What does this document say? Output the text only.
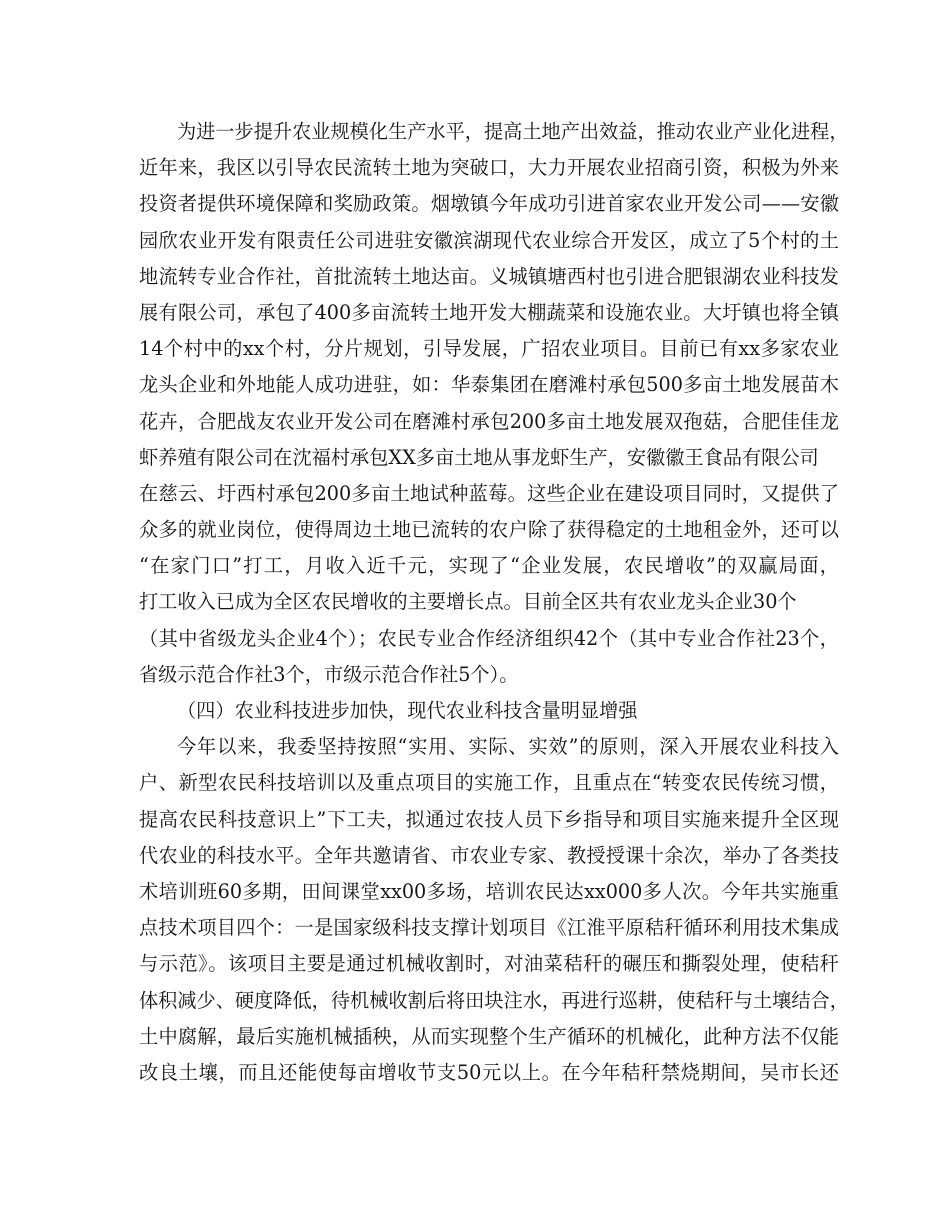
为进一步提升农业规模化生产水平，提高土地产出效益，推动农业产业化进程，
近年来，我区以引导农民流转土地为突破口，大力开展农业招商引资，积极为外来
投资者提供环境保障和奖励政策。烟墩镇今年成功引进首家农业开发公司——安徽
园欣农业开发有限责任公司进驻安徽滨湖现代农业综合开发区，成立了5个村的土
地流转专业合作社，首批流转土地达亩。义城镇塘西村也引进合肥银湖农业科技发
展有限公司，承包了400多亩流转土地开发大棚蔬菜和设施农业。大圩镇也将全镇
14个村中的xx个村，分片规划，引导发展，广招农业项目。目前已有xx多家农业
龙头企业和外地能人成功进驻，如：华泰集团在磨滩村承包500多亩土地发展苗木
花卉，合肥战友农业开发公司在磨滩村承包200多亩土地发展双孢菇，合肥佳佳龙
虾养殖有限公司在沈福村承包XX多亩土地从事龙虾生产，安徽徽王食品有限公司
在慈云、圩西村承包200多亩土地试种蓝莓。这些企业在建设项目同时，又提供了
众多的就业岗位，使得周边土地已流转的农户除了获得稳定的土地租金外，还可以
“在家门口”打工，月收入近千元，实现了“企业发展，农民增收”的双赢局面，
打工收入已成为全区农民增收的主要增长点。目前全区共有农业龙头企业30个
（其中省级龙头企业4个）；农民专业合作经济组织42个（其中专业合作社23个，
省级示范合作社3个，市级示范合作社5个）。
（四）农业科技进步加快，现代农业科技含量明显增强
今年以来，我委坚持按照“实用、实际、实效”的原则，深入开展农业科技入
户、新型农民科技培训以及重点项目的实施工作，且重点在“转变农民传统习惯，
提高农民科技意识上”下工夫，拟通过农技人员下乡指导和项目实施来提升全区现
代农业的科技水平。全年共邀请省、市农业专家、教授授课十余次，举办了各类技
术培训班60多期，田间课堂xx00多场，培训农民达xx000多人次。今年共实施重
点技术项目四个：一是国家级科技支撑计划项目《江淮平原秸秆循环利用技术集成
与示范》。该项目主要是通过机械收割时，对油菜秸秆的碾压和撕裂处理，使秸秆
体积减少、硬度降低，待机械收割后将田块注水，再进行巡耕，使秸秆与土壤结合，
土中腐解，最后实施机械插秧，从而实现整个生产循环的机械化，此种方法不仅能
改良土壤，而且还能使每亩增收节支50元以上。在今年秸秆禁烧期间，吴市长还
